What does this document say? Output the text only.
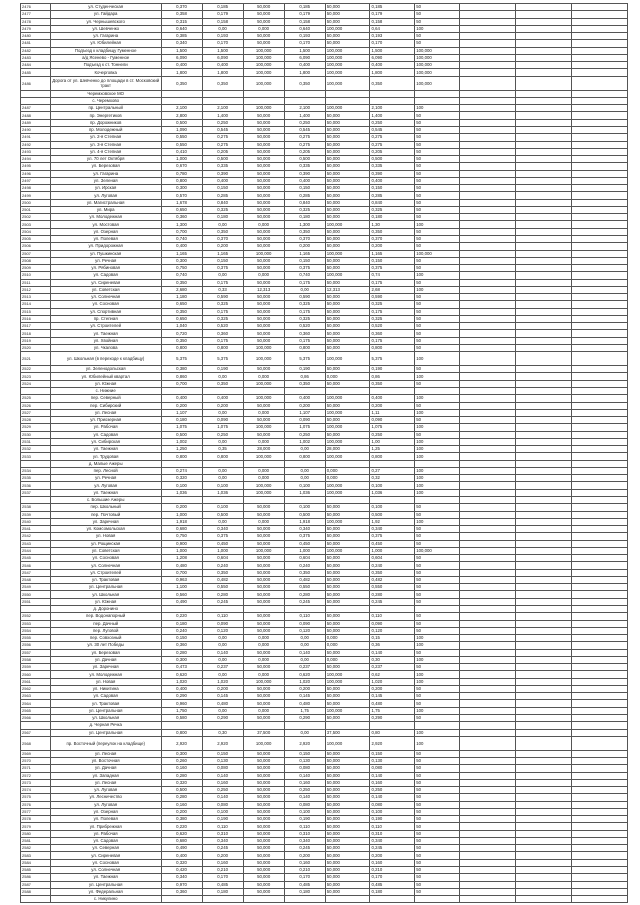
2476	ул. Студенческая	0,370	0,185	50,000	0,185	50,000	0,185	50			
2477	ул. Гайдара	0,358	0,179	50,000	0,179	50,000	0,179	50			
2478	ул. Чернышевского	0,315	0,158	50,000	0,158	50,000	0,158	50			
2479	ул. Шевченко	0,640	0,00	0,000	0,640	100,000	0,64	100			
2480	ул. Гагарина	0,385	0,193	50,000	0,193	50,000	0,193	50			
2481	ул. Юбилейная	0,340	0,170	50,000	0,170	50,000	0,170	50			
2482	Подъезд к кладбищу Гуменное	1,500	1,500	100,000	1,500	100,000	1,500	100,000			
2483	а/д Ясенево - Гуменное	6,090	6,090	100,000	6,090	100,000	6,090	100,000			
2484	Подъезд к ст. Тоннели	0,400	0,400	100,000	0,400	100,000	0,400	100,000			
2485	Кочерговка	1,800	1,800	100,000	1,800	100,000	1,800	100,000			
2486	Дорога от ул. Шевченко до площади в ст. Московский тракт	0,350	0,350	100,000	0,350	100,000	0,350	100,000			
	Черемховское МО										
	с. Черемхово										
2487	пр. Центральный	2,100	2,100	100,000	2,100	100,000	2,100	100			
2488	пр. Энергетиков	2,800	1,400	50,000	1,400	50,000	1,400	50			
2489	пр. Дорожников	0,500	0,250	50,000	0,250	50,000	0,250	50			
2490	пр. Молодежный	1,090	0,545	50,000	0,545	50,000	0,545	50			
2491	ул. 2-я Степная	0,550	0,275	50,000	0,275	50,000	0,275	50			
2492	ул. 3-я Степная	0,550	0,275	50,000	0,275	50,000	0,275	50			
2493	ул. 4-я Степная	0,410	0,205	50,000	0,205	50,000	0,205	50			
2494	ул. 70 лет Октября	1,000	0,500	50,000	0,500	50,000	0,500	50			
2495	ул. Березовая	0,670	0,335	50,000	0,335	50,000	0,335	50			
2496	ул. Гагарина	0,780	0,390	50,000	0,390	50,000	0,390	50			
2497	ул. Зеленая	0,800	0,400	50,000	0,400	50,000	0,400	50			
2498	ул. Ирская	0,300	0,150	50,000	0,150	50,000	0,150	50			
2499	ул. Луговая	0,570	0,285	50,000	0,285	50,000	0,285	50			
2500	ул. Магистральная	1,678	0,840	50,000	0,840	50,000	0,840	50			
2501	ул. Мира	0,650	0,325	50,000	0,325	50,000	0,325	50			
2502	ул. Молодежная	0,360	0,180	50,000	0,180	50,000	0,180	50			
2503	ул. Мостовая	1,300	0,00	0,000	1,300	100,000	1,30	100			
2504	ул. Озерная	0,700	0,350	50,000	0,350	50,000	0,350	50			
2505	ул. Полевая	0,740	0,370	50,000	0,370	50,000	0,370	50			
2506	ул. Придорожная	0,400	0,200	50,000	0,200	50,000	0,200	50			
2507	ул. Пушкинская	1,165	1,165	100,000	1,165	100,000	1,165	100,000			
2508	ул. Речная	0,300	0,150	50,000	0,150	50,000	0,150	50			
2509	ул. Рябиновая	0,750	0,375	50,000	0,375	50,000	0,375	50			
2510	ул. Садовая	0,740	0,00	0,000	0,740	100,000	0,74	100			
2511	ул. Сиреневая	0,350	0,175	50,000	0,175	50,000	0,175	50			
2512	ул. Советская	2,680	0,33	12,313	0,00	12,313	2,68	100			
2513	ул. Солнечная	1,180	0,590	50,000	0,590	50,000	0,590	50			
2514	ул. Сосновая	0,650	0,325	50,000	0,325	50,000	0,325	50			
2515	ул. Спортивная	0,350	0,175	50,000	0,175	50,000	0,175	50			
2516	пр. Степная	0,650	0,325	50,000	0,325	50,000	0,325	50			
2517	ул. Строителей	1,040	0,520	50,000	0,520	50,000	0,520	50			
2518	ул. Таежная	0,720	0,360	50,000	0,360	50,000	0,360	50			
2519	ул. Хвойная	0,350	0,175	50,000	0,175	50,000	0,175	50			
2520	ул. Чкалова	0,800	0,800	100,000	0,800	50,000	0,800	50			
2521	ул. Школьная (в переходе к кладбищу)	5,375	5,375	100,000	5,375	100,000	5,375	100			
2522	ул. Зеленодольская	0,380	0,190	50,000	0,190	50,000	0,190	50			
2523	ул. Юбилейный квартал	0,860	0,00	0,000	0,86	0,000	0,86	100			
2524	ул. Южная	0,700	0,350	100,000	0,350	50,000	0,350	50			
	с. Нижние										
2525	пер. Северный	0,400	0,400	100,000	0,400	100,000	0,400	100			
2526	пер. Сибирский	0,200	0,200	50,000	0,200	50,000	0,200	50			
2527	ул. Лесная	1,107	0,00	0,000	1,107	100,000	1,11	100			
2528	ул. Приозерная	0,180	0,090	50,000	0,090	50,000	0,090	50			
2529	ул. Рабочая	1,075	1,075	100,000	1,075	100,000	1,075	100			
2530	ул. Садовая	0,500	0,250	50,000	0,250	50,000	0,250	50			
2531	ул. Сибирская	1,002	0,00	0,000	1,002	100,000	1,00	100			
2532	ул. Таежная	1,250	0,35	28,000	0,00	28,000	1,25	100			
2533	ул. Трудовая	0,800	0,800	100,000	0,800	100,000	0,800	100			
	д. Малые Ажеры										
2534	пер. Лесной	0,274	0,00	0,000	0,00	0,000	0,27	100			
2535	ул. Речная	0,320	0,00	0,000	0,00	0,000	0,32	100			
2536	ул. Луговая	0,100	0,100	100,000	0,100	100,000	0,100	100			
2537	ул. Таежная	1,036	1,036	100,000	1,036	100,000	1,036	100			
	с. Большие Ажеры										
2538	пер. Школьный	0,200	0,100	50,000	0,100	50,000	0,100	50			
2539	пер. Почтовый	1,000	0,500	50,000	0,500	50,000	0,500	50			
2540	ул. Заречная	1,918	0,00	0,000	1,918	100,000	1,92	100			
2541	ул. Комсомольская	0,680	0,340	50,000	0,340	50,000	0,340	50			
2542	ул. Новая	0,750	0,375	50,000	0,375	50,000	0,375	50			
2543	ул. Рощинская	0,900	0,450	50,000	0,450	50,000	0,450	50			
2544	ул. Советская	1,000	1,000	100,000	1,000	100,000	1,000	100,000			
2545	ул. Сосновая	1,208	0,604	50,000	0,604	50,000	0,604	50			
2546	ул. Солнечная	0,480	0,240	50,000	0,240	50,000	0,240	50			
2547	ул. Строителей	0,700	0,350	50,000	0,350	50,000	0,350	50			
2548	ул. Трактовая	0,963	0,482	50,000	0,482	50,000	0,482	50			
2549	ул. Центральная	1,100	0,550	50,000	0,550	50,000	0,550	50			
2550	ул. Школьная	0,560	0,280	50,000	0,280	50,000	0,280	50			
2551	ул. Южная	0,490	0,245	50,000	0,245	50,000	0,245	50			
	д. Доронино										
2552	пер. Водонапорный	0,220	0,110	50,000	0,110	50,000	0,110	50			
2553	пер. Дачный	0,180	0,090	50,000	0,090	50,000	0,090	50			
2554	пер. Луговой	0,240	0,120	50,000	0,120	50,000	0,120	50			
2555	пер. Совхозный	0,150	0,00	0,000	0,00	0,000	0,15	100			
2556	ул. 30 лет Победы	0,360	0,00	0,000	0,00	0,000	0,36	100			
2557	ул. Березовая	0,280	0,140	50,000	0,140	50,000	0,140	50			
2558	ул. Дачная	0,300	0,00	0,000	0,00	0,000	0,30	100			
2559	ул. Заречная	0,473	0,237	50,000	0,237	50,000	0,237	50			
2560	ул. Молодежная	0,620	0,00	0,000	0,620	100,000	0,62	100			
2561	ул. Новая	1,020	1,020	100,000	1,020	100,000	1,020	100			
2562	ул. Никитина	0,400	0,200	50,000	0,200	50,000	0,200	50			
2563	ул. Садовая	0,290	0,145	50,000	0,145	50,000	0,145	50			
2564	ул. Трактовая	0,960	0,480	50,000	0,480	50,000	0,480	50			
2565	ул. Центральная	1,750	0,00	0,000	1,75	100,000	1,75	100			
2566	ул. Школьная	0,580	0,290	50,000	0,290	50,000	0,290	50			
	д. Черная Речка										
2567	ул. Центральная	0,800	0,30	37,500	0,00	37,500	0,80	100			
2568	пр. Восточный (переулок на кладбище)	2,920	2,920	100,000	2,920	100,000	2,920	100			
2569	ул. Лесная	0,300	0,150	50,000	0,150	50,000	0,150	50			
2570	ул. Восточная	0,260	0,130	50,000	0,130	50,000	0,130	50			
2571	ул. Дачная	0,160	0,080	50,000	0,080	50,000	0,080	50			
2572	ул. Западная	0,280	0,140	50,000	0,140	50,000	0,140	50			
2573	ул. Лесная	0,320	0,160	50,000	0,160	50,000	0,160	50			
2574	ул. Луговая	0,500	0,250	50,000	0,250	50,000	0,250	50			
2575	ул. Лесничество	0,280	0,140	50,000	0,140	50,000	0,140	50			
2576	ул. Луговая	0,160	0,080	50,000	0,080	50,000	0,080	50			
2577	ул. Озерная	0,200	0,100	50,000	0,100	50,000	0,100	50			
2578	ул. Полевая	0,380	0,190	50,000	0,190	50,000	0,190	50			
2579	ул. Прибрежная	0,220	0,110	50,000	0,110	50,000	0,110	50			
2580	ул. Рабочая	0,620	0,310	50,000	0,310	50,000	0,310	50			
2581	ул. Садовая	0,680	0,340	50,000	0,340	50,000	0,340	50			
2582	ул. Северная	0,490	0,245	50,000	0,245	50,000	0,245	50			
2583	ул. Сиреневая	0,400	0,200	50,000	0,200	50,000	0,200	50			
2584	ул. Сосновая	0,320	0,160	50,000	0,160	50,000	0,160	50			
2585	ул. Солнечная	0,420	0,210	50,000	0,210	50,000	0,210	50			
2586	ул. Таежная	0,340	0,170	50,000	0,170	50,000	0,170	50			
2587	ул. Центральная	0,970	0,485	50,000	0,485	50,000	0,485	50			
2588	ул. Федеральная	0,360	0,180	50,000	0,180	50,000	0,180	50			
	с. Никулино										
